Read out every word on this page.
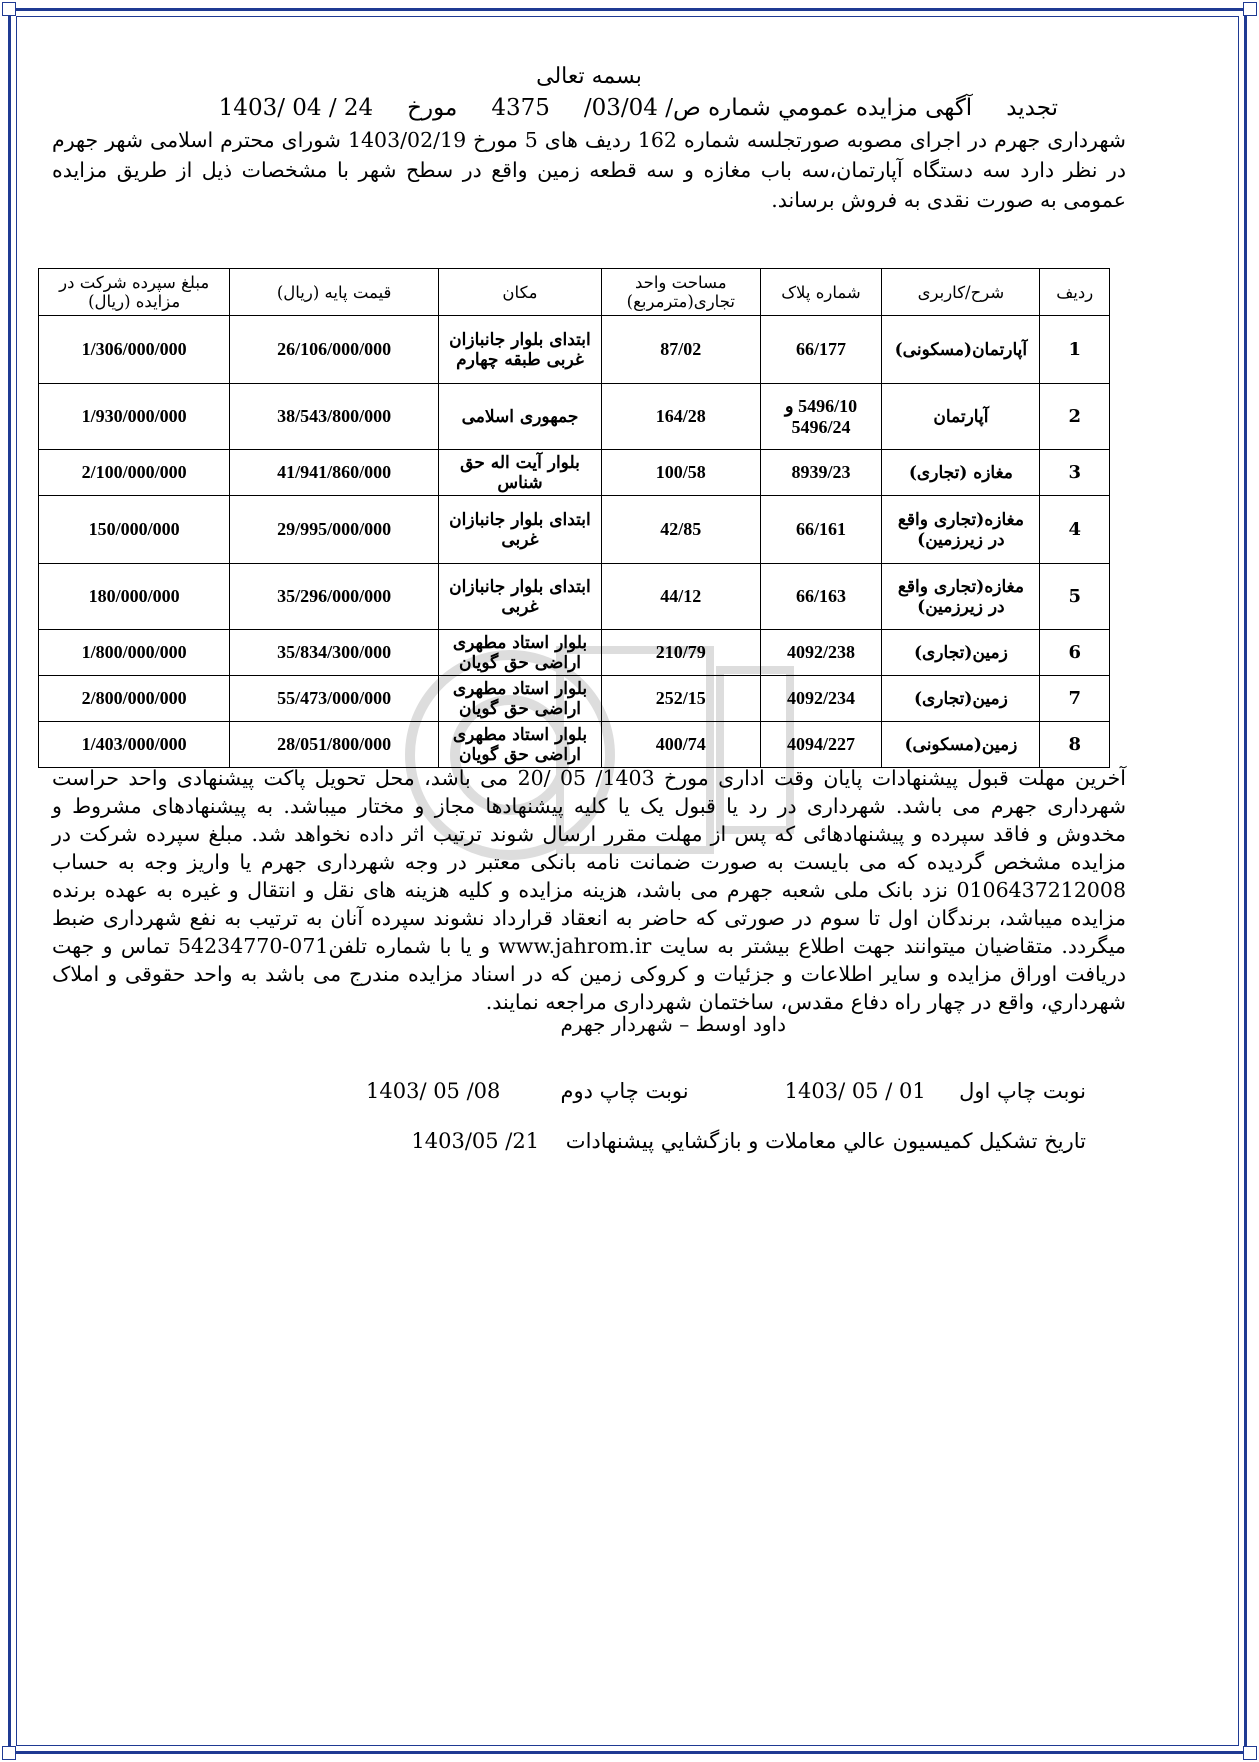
بسمه تعالی
تجدید
آگهی مزایده عمومي شماره ص/ 03/04/
4375
مورخ
1403/ 04 / 24

شهرداری جهرم در اجرای مصوبه صورتجلسه شماره 162 ردیف های 5 مورخ 1403/02/19 شورای محترم اسلامی شهر جهرم در نظر دارد سه دستگاه آپارتمان،سه باب مغازه و سه قطعه زمین واقع در سطح شهر با مشخصات ذیل از طریق مزایده عمومی به صورت نقدی به فروش برساند.

ردیف	شرح/کاربری	شماره پلاک	مساحت واحد تجاری(مترمربع)	مکان	قیمت پایه (ریال)	مبلغ سپرده شرکت در مزایده (ریال)
1	آپارتمان(مسکونی)	66/177	87/02	ابتدای بلوار جانبازان غربی طبقه چهارم	26/106/000/000	1/306/000/000
2	آپارتمان	5496/10 و 5496/24	164/28	جمهوری اسلامی	38/543/800/000	1/930/000/000
3	مغازه (تجاری)	8939/23	100/58	بلوار آیت اله حق شناس	41/941/860/000	2/100/000/000
4	مغازه(تجاری واقع در زیرزمین)	66/161	42/85	ابتدای بلوار جانبازان غربی	29/995/000/000	150/000/000
5	مغازه(تجاری واقع در زیرزمین)	66/163	44/12	ابتدای بلوار جانبازان غربی	35/296/000/000	180/000/000
6	زمین(تجاری)	4092/238	210/79	بلوار استاد مطهری اراضی حق گویان	35/834/300/000	1/800/000/000
7	زمین(تجاری)	4092/234	252/15	بلوار استاد مطهری اراضی حق گویان	55/473/000/000	2/800/000/000
8	زمین(مسکونی)	4094/227	400/74	بلوار استاد مطهری اراضی حق گویان	28/051/800/000	1/403/000/000

آخرین مهلت قبول پیشنهادات پایان وقت اداری مورخ 1403/ 05 /20 می باشد، محل تحویل پاکت پیشنهادی واحد حراست شهرداری جهرم می باشد. شهرداری در رد یا قبول یک یا کلیه پیشنهادها مجاز و مختار میباشد. به پیشنهادهای مشروط و مخدوش و فاقد سپرده و پیشنهادهائی که پس از مهلت مقرر ارسال شوند ترتیب اثر داده نخواهد شد. مبلغ سپرده شرکت در مزایده مشخص گردیده که می بایست به صورت ضمانت نامه بانکی معتبر در وجه شهرداری جهرم یا واریز وجه به حساب 0106437212008 نزد بانک ملی شعبه جهرم می باشد، هزینه مزایده و کلیه هزینه های نقل و انتقال و غیره به عهده برنده مزایده میباشد، برندگان اول تا سوم در صورتی که حاضر به انعقاد قرارداد نشوند سپرده آنان به ترتیب به نفع شهرداری ضبط میگردد. متقاضیان میتوانند جهت اطلاع بیشتر به سایت www.jahrom.ir و یا با شماره تلفن071-54234770 تماس و جهت دریافت اوراق مزایده و سایر اطلاعات و جزئیات و کروکی زمین که در اسناد مزایده مندرج می باشد به واحد حقوقی و املاک شهرداري، واقع در چهار راه دفاع مقدس، ساختمان شهرداری مراجعه نمایند.

داود اوسط – شهردار جهرم
نوبت چاپ اول     1403/ 05 / 01
نوبت چاپ دوم         1403/ 05 /08
تاريخ تشكيل كميسيون عالي معاملات و بازگشايي پيشنهادات    1403/05 /21
